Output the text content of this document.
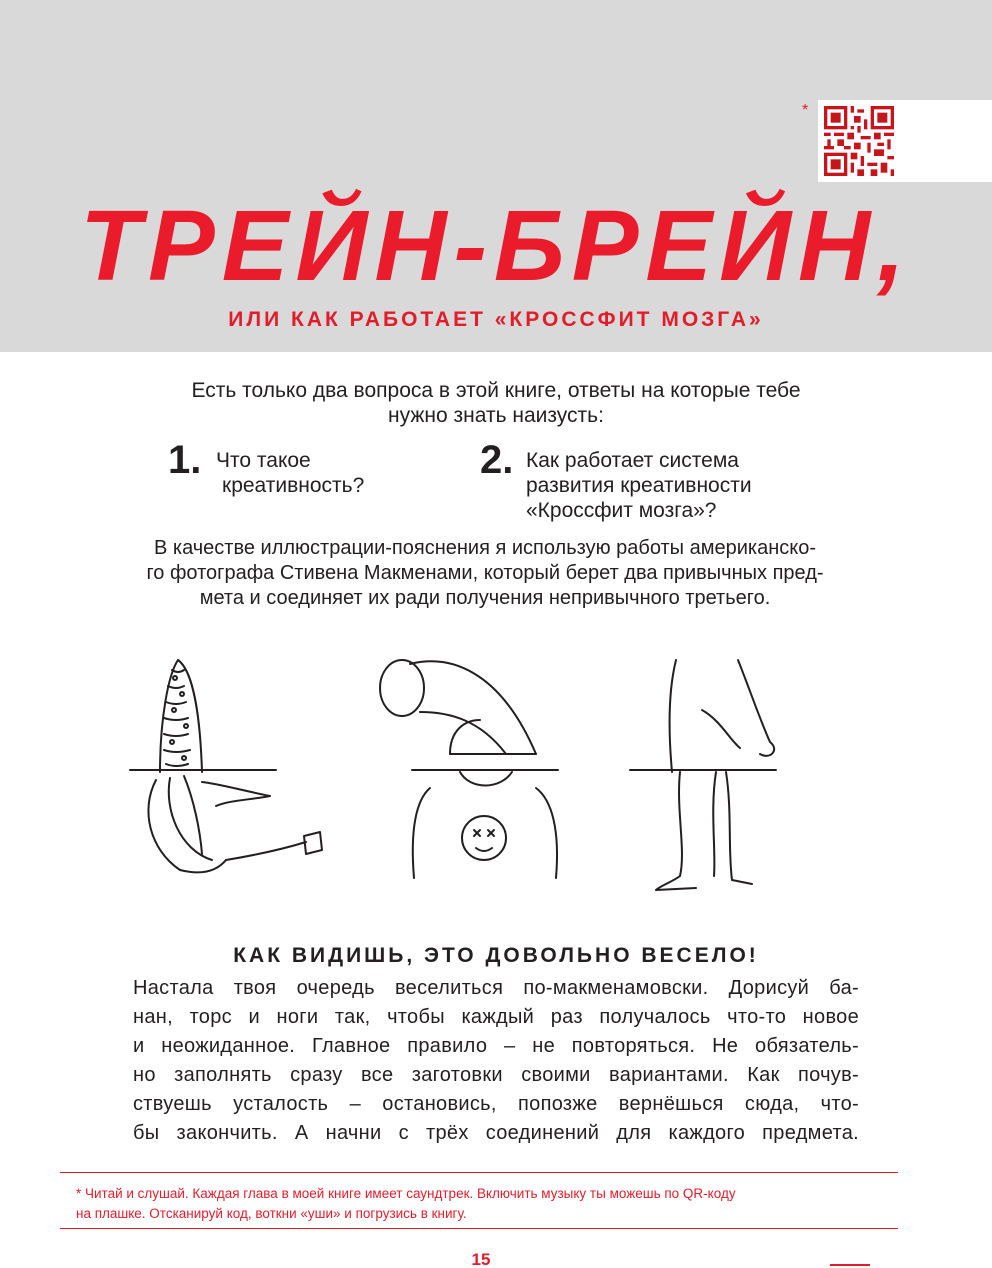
*
ТРЕЙН-БРЕЙН,
ИЛИ КАК РАБОТАЕТ «КРОССФИТ МОЗГА»
Есть только два вопроса в этой книге, ответы на которые тебе
нужно знать наизусть:
1. Что такое
креативность?
2. Как работает система
развития креативности
«Кроссфит мозга»?
В качестве иллюстрации-пояснения я использую работы американско-
го фотографа Стивена Макменами, который берет два привычных пред-
мета и соединяет их ради получения непривычного третьего.
КАК ВИДИШЬ, ЭТО ДОВОЛЬНО ВЕСЕЛО!
Настала твоя очередь веселиться по-макменамовски. Дорисуй ба-
нан, торс и ноги так, чтобы каждый раз получалось что-то новое
и неожиданное. Главное правило – не повторяться. Не обязатель-
но заполнять сразу все заготовки своими вариантами. Как почув-
ствуешь усталость – остановись, попозже вернёшься сюда, что-
бы закончить. А начни с трёх соединений для каждого предмета.
* Читай и слушай. Каждая глава в моей книге имеет саундтрек. Включить музыку ты можешь по QR-коду
на плашке. Отсканируй код, воткни «уши» и погрузись в книгу.
15
